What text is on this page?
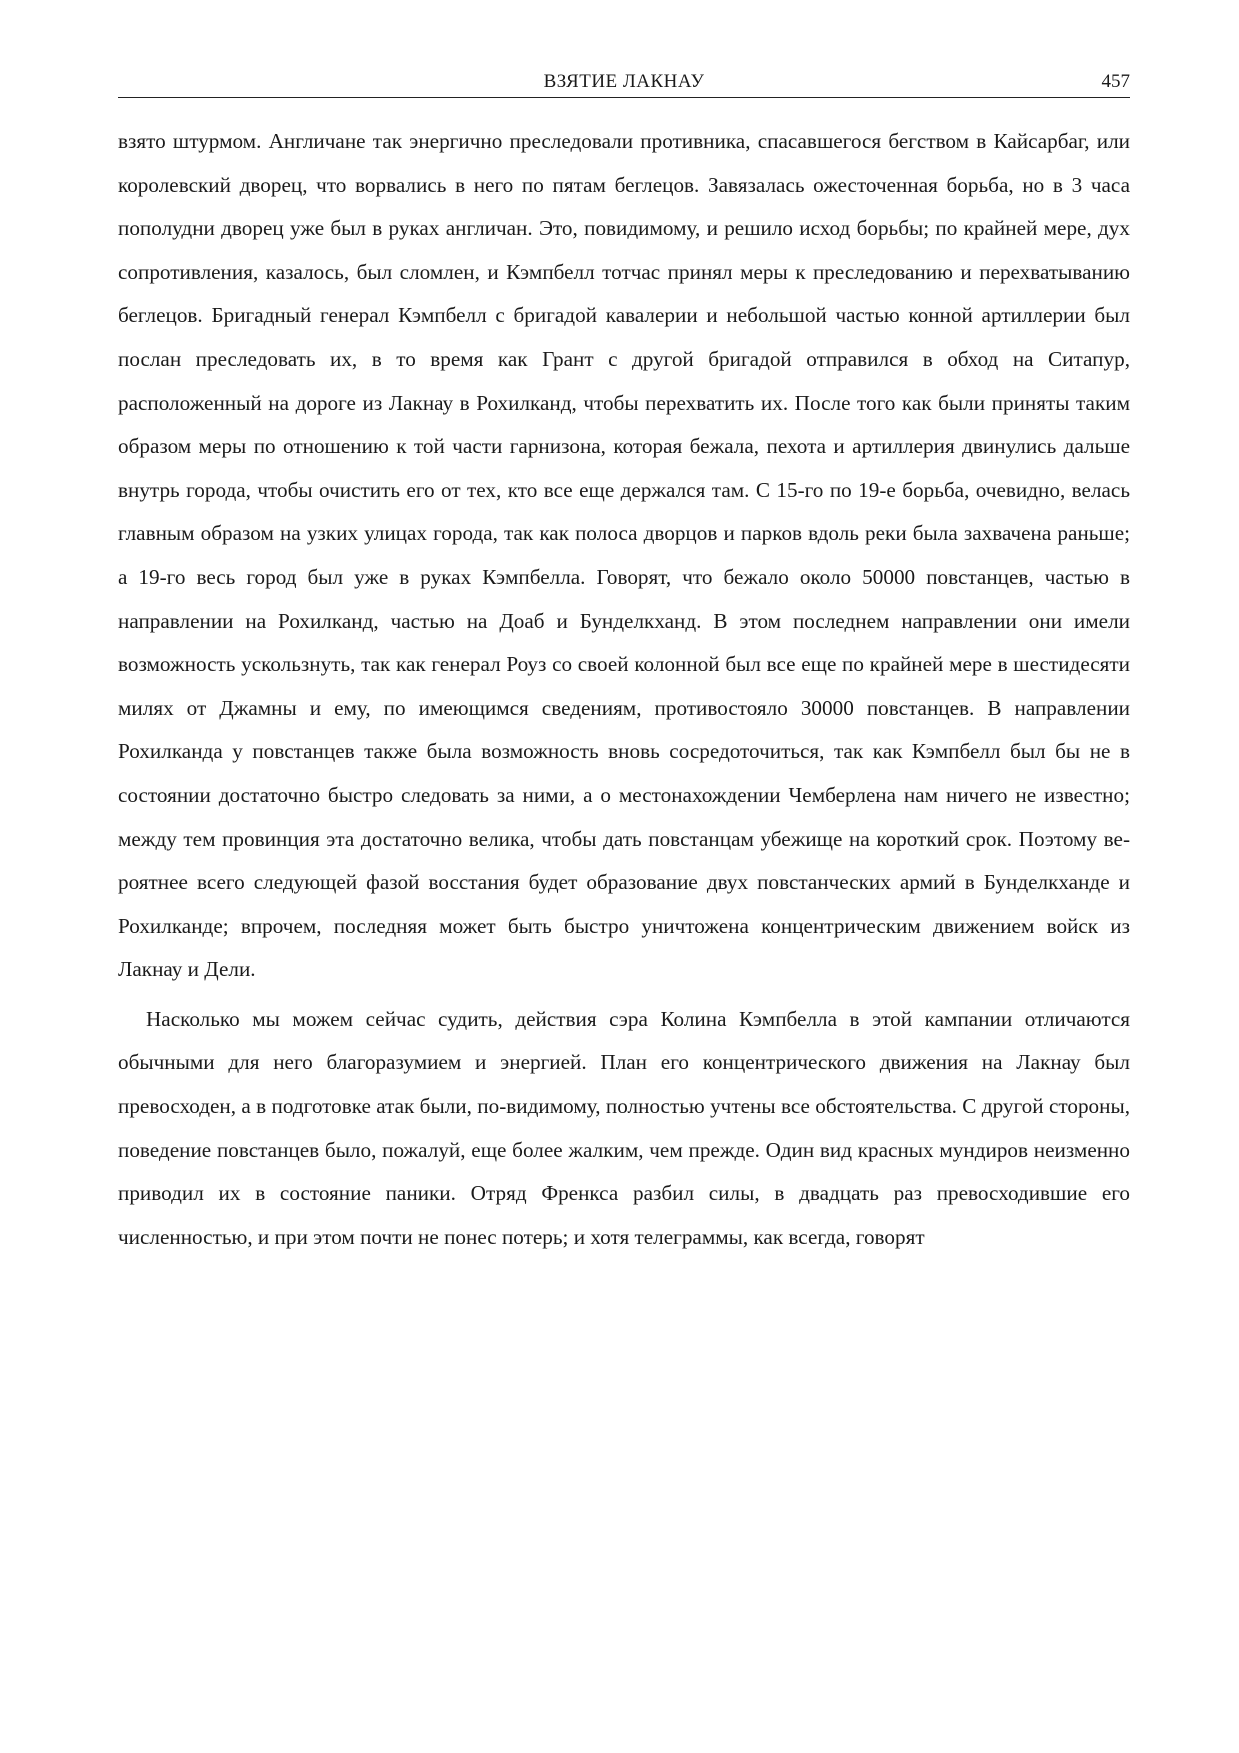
ВЗЯТИЕ ЛАКНАУ	457

взято штурмом. Англичане так энергично преследовали противника, спасавшегося бегством в Кайсарбаг, или королевский дворец, что ворвались в него по пятам беглецов. Завязалась ожесточенная борьба, но в 3 часа пополудни дворец уже был в руках англичан. Это, повидимому, и решило исход борьбы; по крайней мере, дух сопротивления, казалось, был сломлен, и Кэмпбелл тотчас принял меры к преследованию и перехватыванию беглецов. Бригадный генерал Кэмпбелл с бригадой кавалерии и небольшой частью конной артиллерии был послан преследовать их, в то время как Грант с другой бригадой отправился в обход на Ситапур, расположенный на дороге из Лакнау в Рохилканд, чтобы перехватить их. После того как были приняты таким образом меры по отношению к той части гарнизона, которая бежала, пехота и артиллерия двинулись дальше внутрь города, чтобы очистить его от тех, кто все еще держался там. С 15-го по 19-е борьба, очевидно, велась главным образом на узких улицах города, так как полоса дворцов и парков вдоль реки была захвачена раньше; а 19-го весь город был уже в руках Кэмпбелла. Говорят, что бежало около 50000 повстанцев, частью в направлении на Рохилканд, частью на Доаб и Бунделкханд. В этом последнем направлении они имели возможность ускользнуть, так как генерал Роуз со своей колонной был все еще по крайней мере в шестидесяти милях от Джамны и ему, по имеющимся сведениям, противостояло 30000 повстанцев. В направлении Рохилканда у повстанцев также была возможность вновь сосредоточиться, так как Кэмпбелл был бы не в состоянии достаточно быстро следовать за ними, а о местонахождении Чемберлена нам ничего не известно; между тем провинция эта достаточно велика, чтобы дать повстанцам убежище на короткий срок. Поэтому вероятнее всего следующей фазой восстания будет образование двух повстанческих армий в Бунделкханде и Рохилканде; впрочем, последняя может быть быстро уничтожена концентрическим движением войск из Лакнау и Дели.

Насколько мы можем сейчас судить, действия сэра Колина Кэмпбелла в этой кампании отличаются обычными для него благоразумием и энергией. План его концентрического движения на Лакнау был превосходен, а в подготовке атак были, по-видимому, полностью учтены все обстоятельства. С другой стороны, поведение повстанцев было, пожалуй, еще более жалким, чем прежде. Один вид красных мундиров неизменно приводил их в состояние паники. Отряд Френкса разбил силы, в двадцать раз превосходившие его численностью, и при этом почти не понес потерь; и хотя телеграммы, как всегда, говорят
